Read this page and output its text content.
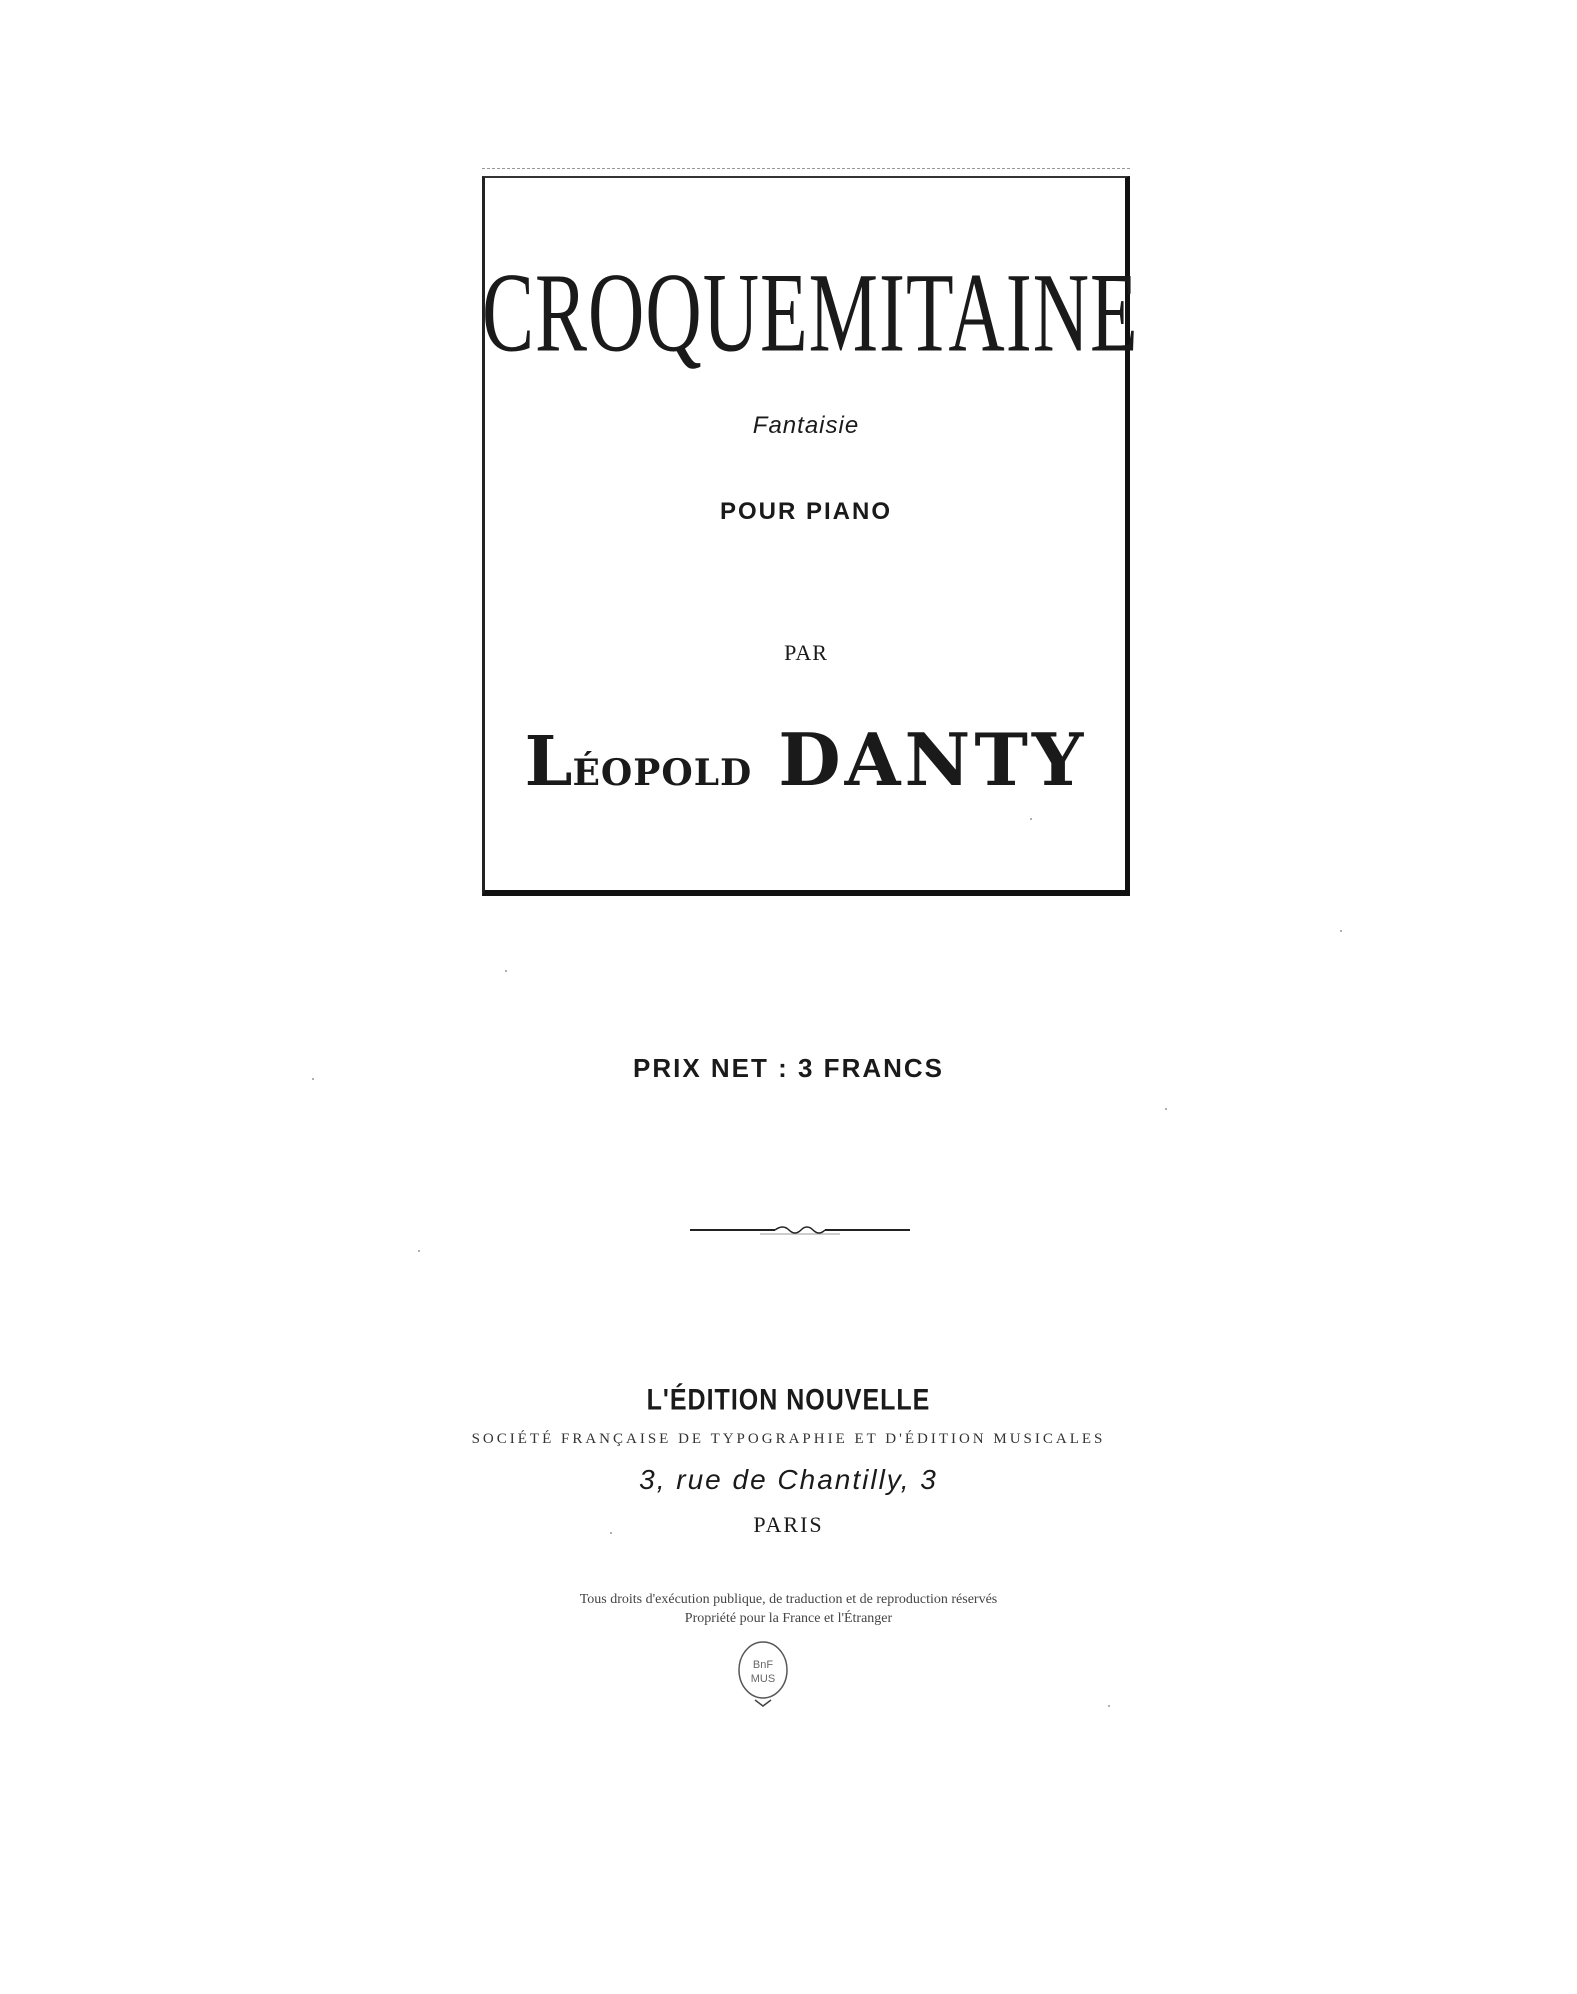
CROQUEMITAINE
Fantaisie
POUR PIANO
PAR
LÉOPOLD DANTY
PRIX NET : 3 FRANCS
L'ÉDITION NOUVELLE
SOCIÉTÉ FRANÇAISE DE TYPOGRAPHIE ET D'ÉDITION MUSICALES
3, rue de Chantilly, 3
PARIS
Tous droits d'exécution publique, de traduction et de reproduction réservés
Propriété pour la France et l'Étranger
BnF
MUS
